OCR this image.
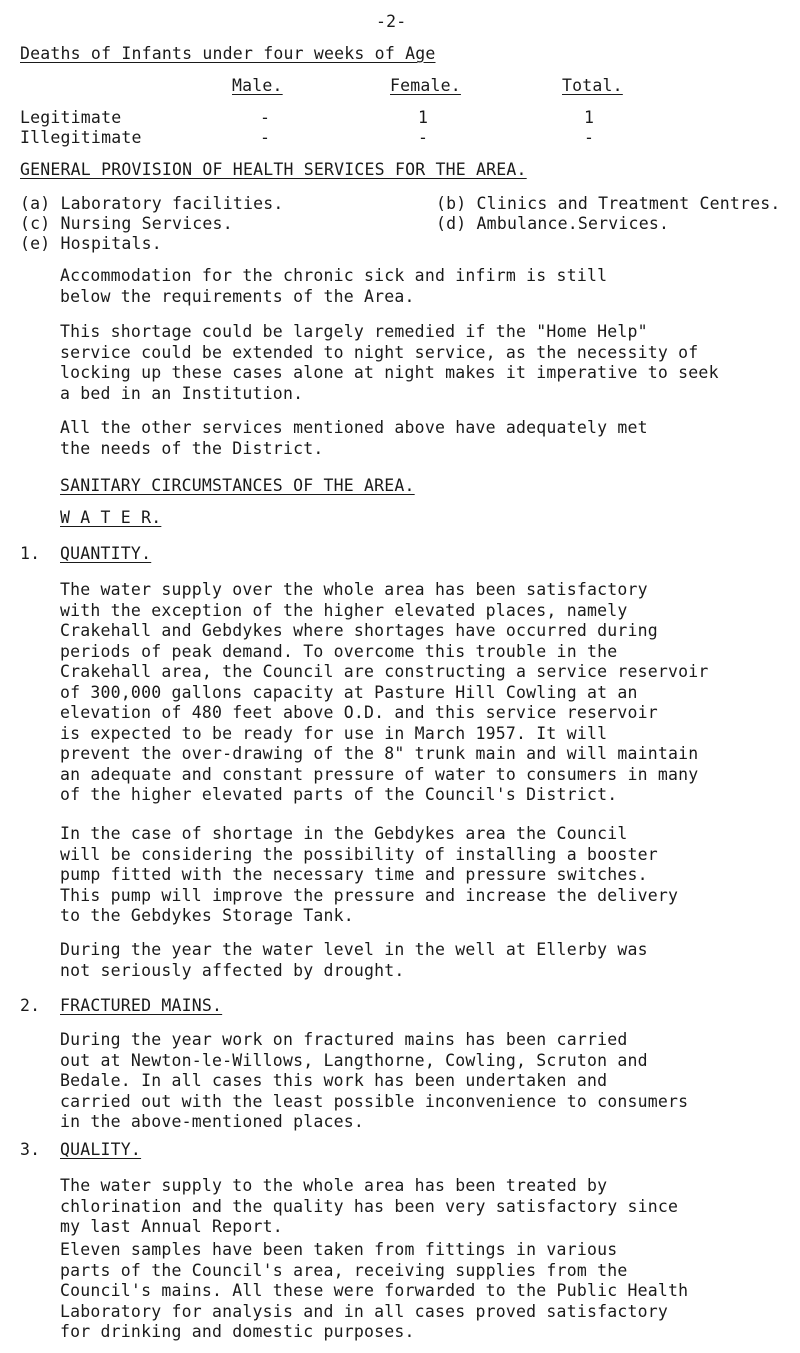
-2-
Deaths of Infants under four weeks of Age
Male.	Female.	Total.
Legitimate	-	1	1
Illegitimate	-	-	-
GENERAL PROVISION OF HEALTH SERVICES FOR THE AREA.
(a) Laboratory facilities.	(b) Clinics and Treatment Centres.
(c) Nursing Services.	(d) Ambulance.Services.
(e) Hospitals.
Accommodation for the chronic sick and infirm is still
below the requirements of the Area.
This shortage could be largely remedied if the "Home Help"
service could be extended to night service, as the necessity of
locking up these cases alone at night makes it imperative to seek
a bed in an Institution.
All the other services mentioned above have adequately met
the needs of the District.
SANITARY CIRCUMSTANCES OF THE AREA.
W A T E R.
1. QUANTITY.
The water supply over the whole area has been satisfactory
with the exception of the higher elevated places, namely
Crakehall and Gebdykes where shortages have occurred during
periods of peak demand. To overcome this trouble in the
Crakehall area, the Council are constructing a service reservoir
of 300,000 gallons capacity at Pasture Hill Cowling at an
elevation of 480 feet above O.D. and this service reservoir
is expected to be ready for use in March 1957. It will
prevent the over-drawing of the 8" trunk main and will maintain
an adequate and constant pressure of water to consumers in many
of the higher elevated parts of the Council's District.
In the case of shortage in the Gebdykes area the Council
will be considering the possibility of installing a booster
pump fitted with the necessary time and pressure switches.
This pump will improve the pressure and increase the delivery
to the Gebdykes Storage Tank.
During the year the water level in the well at Ellerby was
not seriously affected by drought.
2. FRACTURED MAINS.
During the year work on fractured mains has been carried
out at Newton-le-Willows, Langthorne, Cowling, Scruton and
Bedale. In all cases this work has been undertaken and
carried out with the least possible inconvenience to consumers
in the above-mentioned places.
3. QUALITY.
The water supply to the whole area has been treated by
chlorination and the quality has been very satisfactory since
my last Annual Report.
Eleven samples have been taken from fittings in various
parts of the Council's area, receiving supplies from the
Council's mains. All these were forwarded to the Public Health
Laboratory for analysis and in all cases proved satisfactory
for drinking and domestic purposes.
